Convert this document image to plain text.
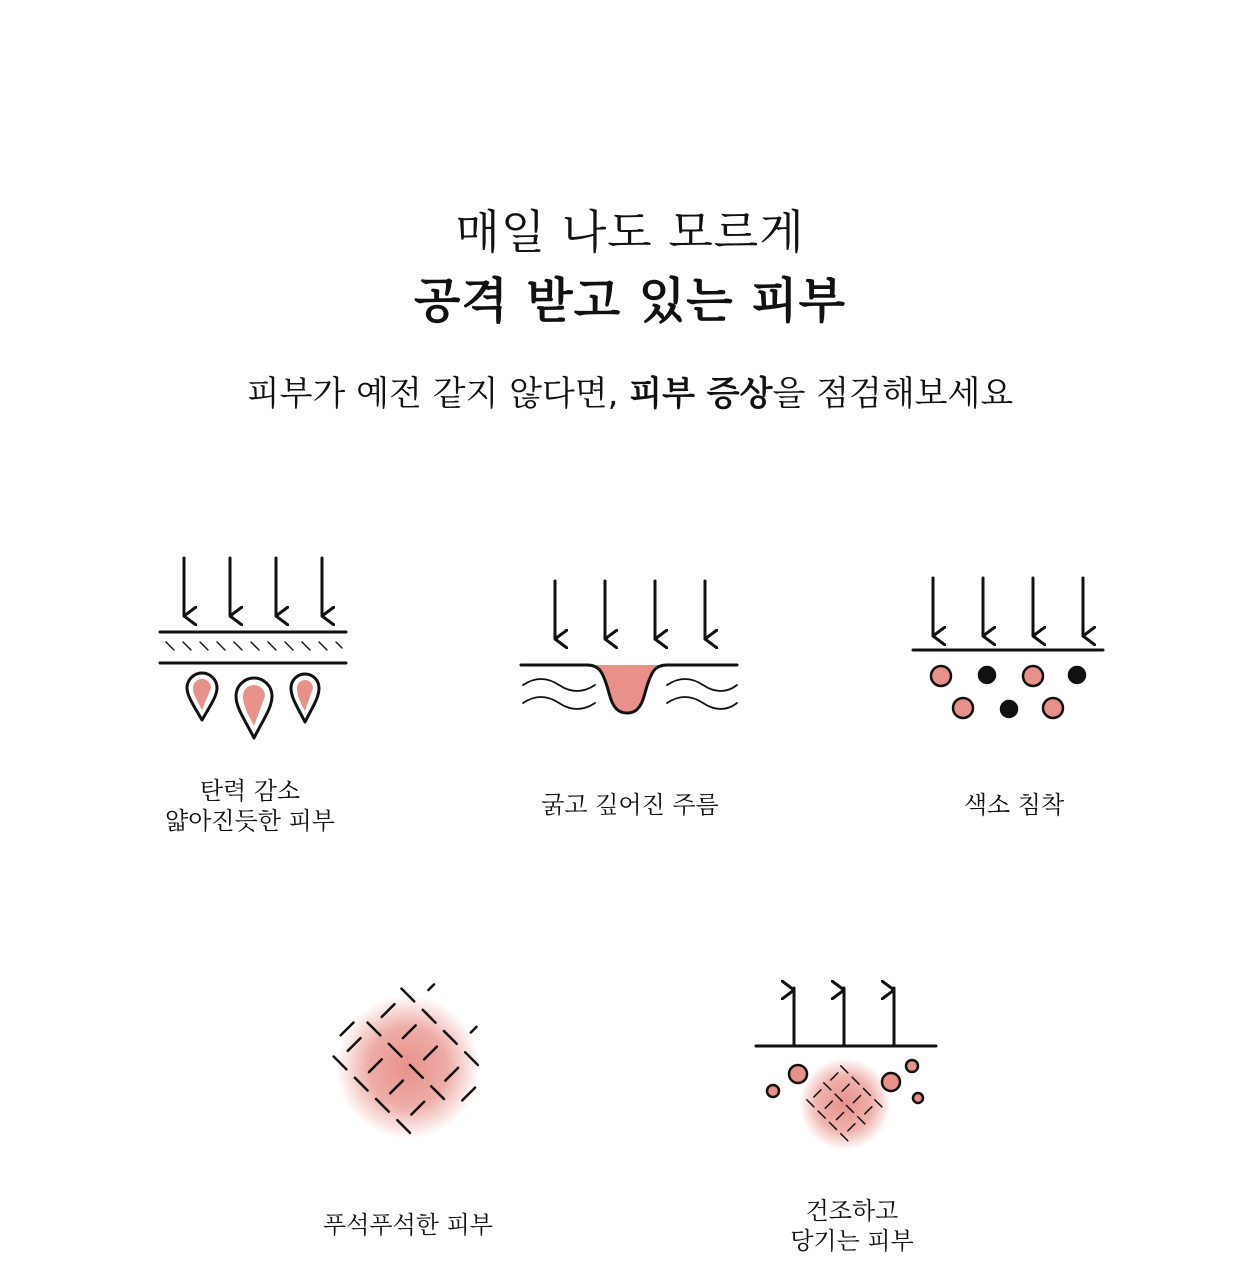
매일 나도 모르게
공격 받고 있는 피부
피부가 예전 같지 않다면, 피부 증상을 점검해보세요
탄력 감소
얇아진듯한 피부
굵고 깊어진 주름	색소 침착
푸석푸석한 피부	건조하고
당기는 피부
